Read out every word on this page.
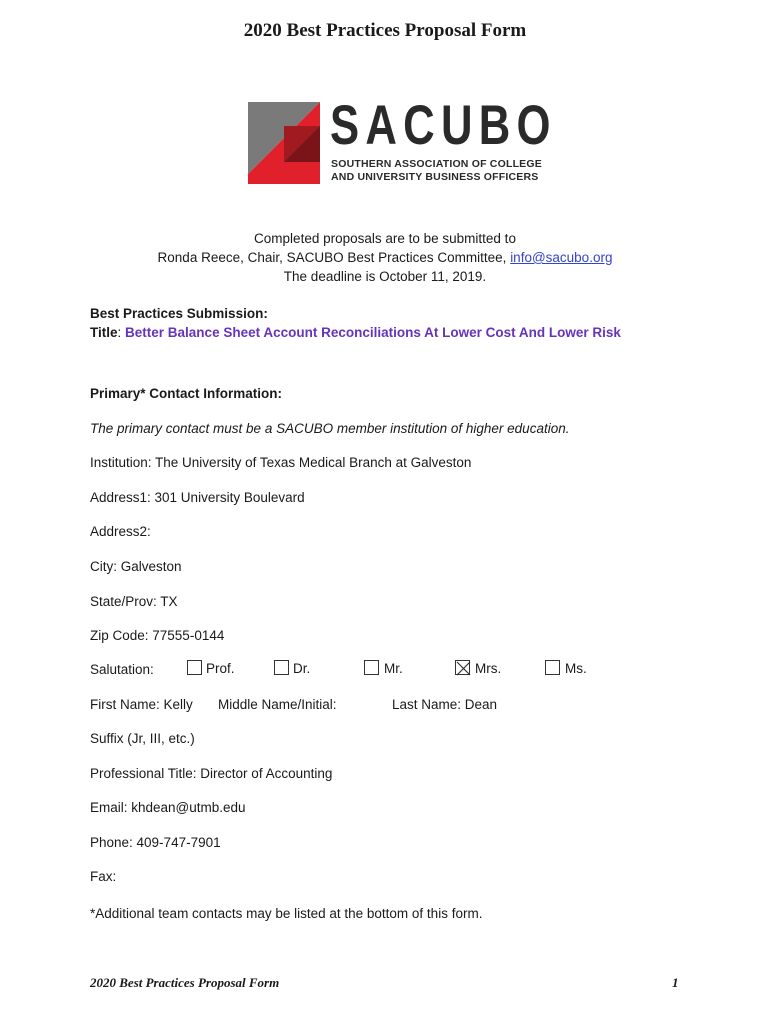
2020 Best Practices Proposal Form
SACUBO
SOUTHERN ASSOCIATION OF COLLEGE
AND UNIVERSITY BUSINESS OFFICERS
Completed proposals are to be submitted to
Ronda Reece, Chair, SACUBO Best Practices Committee, info@sacubo.org
The deadline is October 11, 2019.
Best Practices Submission:
Title: Better Balance Sheet Account Reconciliations At Lower Cost And Lower Risk
Primary* Contact Information:
The primary contact must be a SACUBO member institution of higher education.
Institution: The University of Texas Medical Branch at Galveston
Address1: 301 University Boulevard
Address2:
City: Galveston
State/Prov: TX
Zip Code: 77555-0144
Salutation:	Prof.	Dr.	Mr.	Mrs.	Ms.
First Name: Kelly Middle Name/Initial:	Last Name: Dean
Suffix (Jr, III, etc.)
Professional Title: Director of Accounting
Email: khdean@utmb.edu
Phone: 409-747-7901
Fax:
*Additional team contacts may be listed at the bottom of this form.
2020 Best Practices Proposal Form	1
